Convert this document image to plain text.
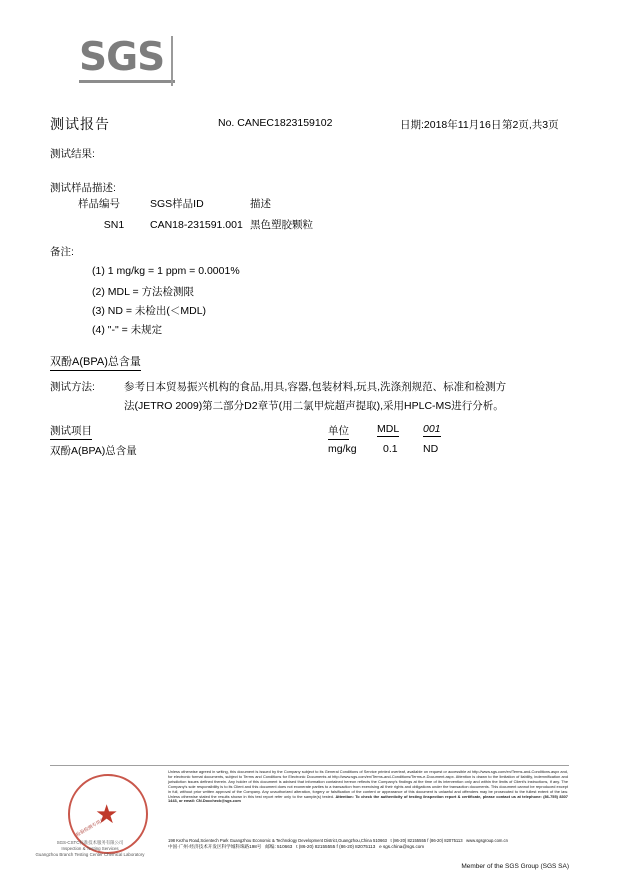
SGS
测试报告	No. CANEC1823159102	日期:2018年11月16日 第2页,共3页
测试结果:
测试样品描述:
样品编号	SGS样品ID	描述
SN1	CAN18-231591.001	黑色塑胶颗粒
备注:
(1) 1 mg/kg = 1 ppm = 0.0001%
(2) MDL = 方法检测限
(3) ND = 未检出(＜MDL)
(4) "-" = 未规定
双酚A(BPA)总含量
测试方法:	参考日本贸易振兴机构的食品,用具,容器,包装材料,玩具,洗涤剂规范、标准和检测方
法(JETRO 2009)第二部分D2章节(用二氯甲烷超声提取),采用HPLC-MS进行分析。
测试项目	单位	MDL 001
双酚A(BPA)总含量	mg/kg	0.1 ND
★
检验检测专用章
SGS-CSTC标准技术服务有限公司
Inspection & Testing Services
Guangzhou Branch Testing Center Chemical Laboratory
Unless otherwise agreed in writing, this document is issued by the Company subject to its General Conditions of Service printed overleaf, available on request or accessible at http://www.sgs.com/en/Terms-and-Conditions.aspx and, for electronic format documents, subject to Terms and Conditions for Electronic Documents at http://www.sgs.com/en/Terms-and-Conditions/Terms-e-Document.aspx. Attention is drawn to the limitation of liability, indemnification and jurisdiction issues defined therein. Any holder of this document is advised that information contained hereon reflects the Company's findings at the time of its intervention only and within the limits of Client's instructions, if any. The Company's sole responsibility is to its Client and this document does not exonerate parties to a transaction from exercising all their rights and obligations under the transaction documents. This document cannot be reproduced except in full, without prior written approval of the Company. Any unauthorized alteration, forgery or falsification of the content or appearance of this document is unlawful and offenders may be prosecuted to the fullest extent of the law. Unless otherwise stated the results shown in this test report refer only to the sample(s) tested. Attention: To check the authenticity of testing /inspection report & certificate, please contact us at telephone: (86-755) 8307 1443, or email: CN.Doccheck@sgs.com
198 Kezhu Road,Scientech Park Guangzhou Economic & Technology Development District,Guangzhou,China 510663 t (86-20) 82155555 f (86-20) 82075113 www.sgsgroup.com.cn
中国·广州·经济技术开发区科学城科珠路198号 邮编: 510663 t (86-20) 82155555 f (86-20) 82075113 e sgs.china@sgs.com
Member of the SGS Group (SGS SA)
